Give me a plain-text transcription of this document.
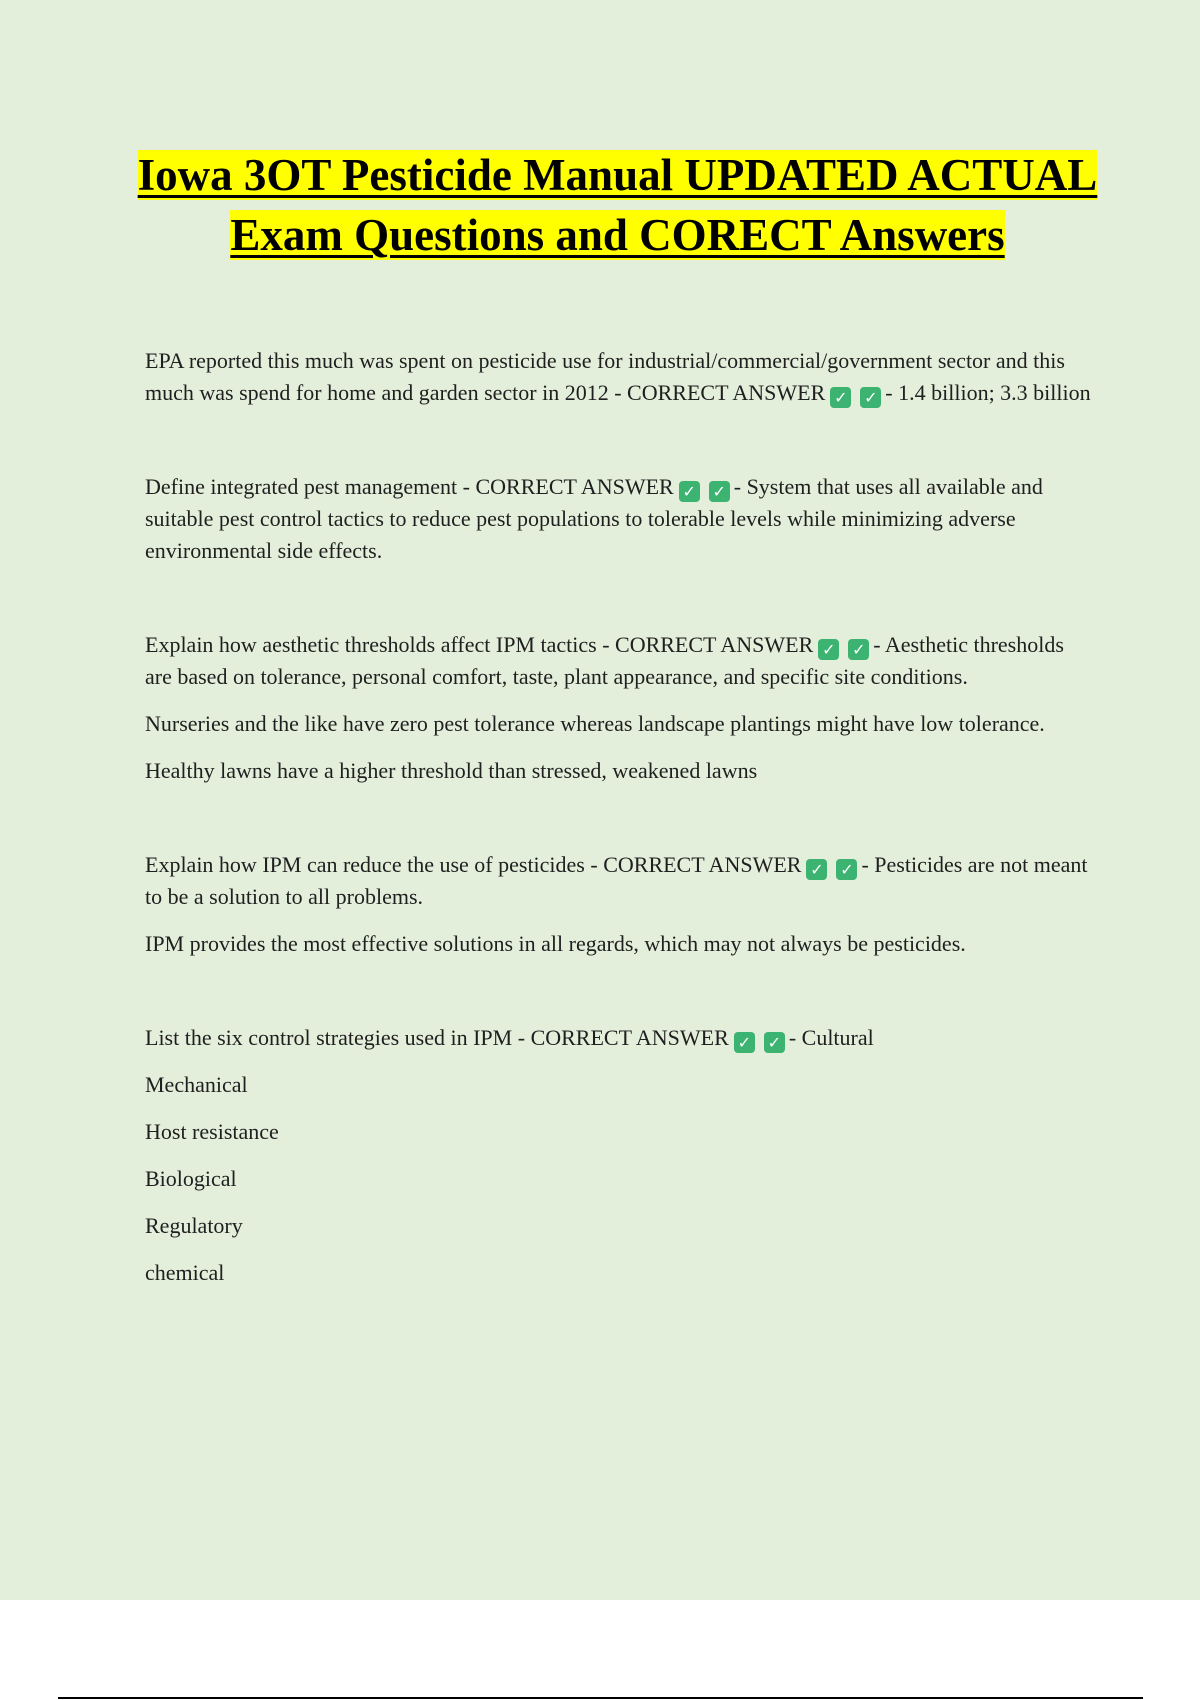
Iowa 3OT Pesticide Manual UPDATED ACTUAL Exam Questions and CORECT Answers

EPA reported this much was spent on pesticide use for industrial/commercial/government sector and this much was spend for home and garden sector in 2012 - CORRECT ANSWER ✓ ✓ - 1.4 billion; 3.3 billion

Define integrated pest management - CORRECT ANSWER ✓ ✓ - System that uses all available and suitable pest control tactics to reduce pest populations to tolerable levels while minimizing adverse environmental side effects.

Explain how aesthetic thresholds affect IPM tactics - CORRECT ANSWER ✓ ✓ - Aesthetic thresholds are based on tolerance, personal comfort, taste, plant appearance, and specific site conditions.

Nurseries and the like have zero pest tolerance whereas landscape plantings might have low tolerance.

Healthy lawns have a higher threshold than stressed, weakened lawns

Explain how IPM can reduce the use of pesticides - CORRECT ANSWER ✓ ✓ - Pesticides are not meant to be a solution to all problems.

IPM provides the most effective solutions in all regards, which may not always be pesticides.

List the six control strategies used in IPM - CORRECT ANSWER ✓ ✓ - Cultural

Mechanical

Host resistance

Biological

Regulatory

chemical
